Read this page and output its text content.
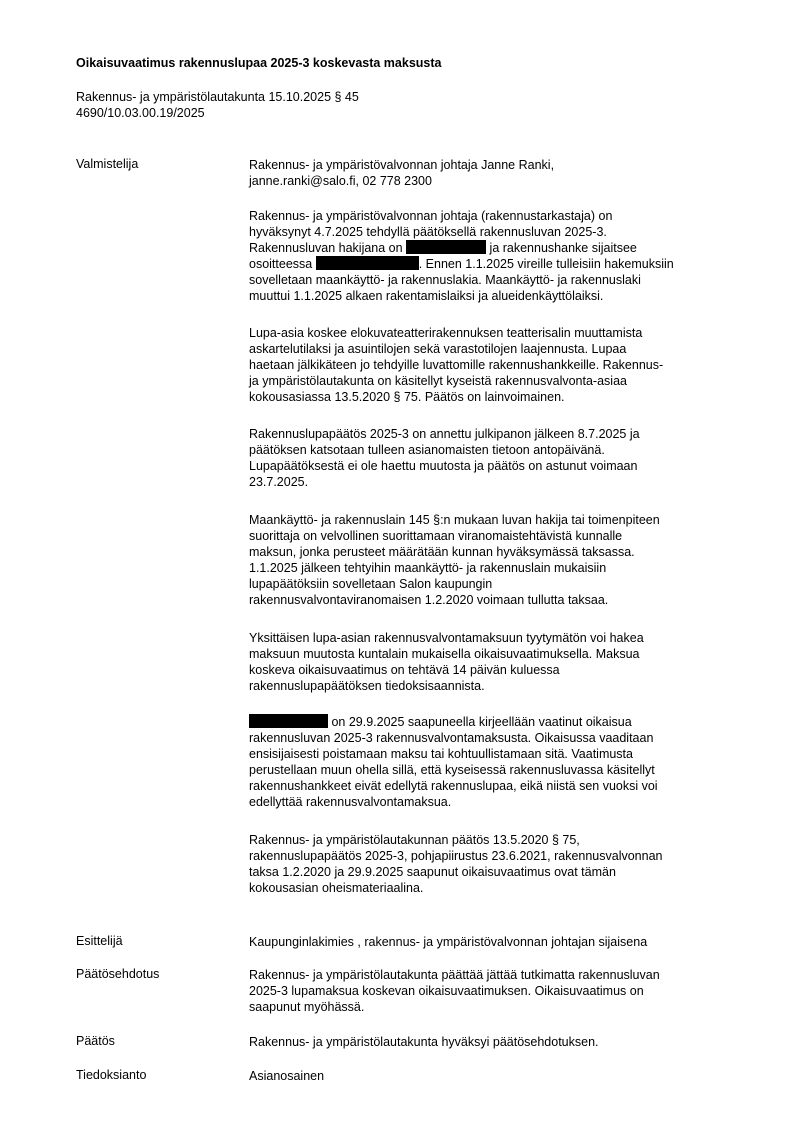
Oikaisuvaatimus rakennuslupaa 2025-3 koskevasta maksusta
Rakennus- ja ympäristölautakunta 15.10.2025 § 45
4690/10.03.00.19/2025
Valmistelija	Rakennus- ja ympäristövalvonnan johtaja Janne Ranki,
janne.ranki@salo.fi, 02 778 2300
Rakennus- ja ympäristövalvonnan johtaja (rakennustarkastaja) on
hyväksynyt 4.7.2025 tehdyllä päätöksellä rakennusluvan 2025-3.
Rakennusluvan hakijana on	ja rakennushanke sijaitsee
osoitteessa	. Ennen 1.1.2025 vireille tulleisiin hakemuksiin
sovelletaan maankäyttö- ja rakennuslakia. Maankäyttö- ja rakennuslaki
muuttui 1.1.2025 alkaen rakentamislaiksi ja alueidenkäyttölaiksi.
Lupa-asia koskee elokuvateatterirakennuksen teatterisalin muuttamista
askartelutilaksi ja asuintilojen sekä varastotilojen laajennusta. Lupaa
haetaan jälkikäteen jo tehdyille luvattomille rakennushankkeille. Rakennus-
ja ympäristölautakunta on käsitellyt kyseistä rakennusvalvonta-asiaa
kokousasiassa 13.5.2020 § 75. Päätös on lainvoimainen.
Rakennuslupapäätös 2025-3 on annettu julkipanon jälkeen 8.7.2025 ja
päätöksen katsotaan tulleen asianomaisten tietoon antopäivänä.
Lupapäätöksestä ei ole haettu muutosta ja päätös on astunut voimaan
23.7.2025.
Maankäyttö- ja rakennuslain 145 §:n mukaan luvan hakija tai toimenpiteen
suorittaja on velvollinen suorittamaan viranomaistehtävistä kunnalle
maksun, jonka perusteet määrätään kunnan hyväksymässä taksassa.
1.1.2025 jälkeen tehtyihin maankäyttö- ja rakennuslain mukaisiin
lupapäätöksiin sovelletaan Salon kaupungin
rakennusvalvontaviranomaisen 1.2.2020 voimaan tullutta taksaa.
Yksittäisen lupa-asian rakennusvalvontamaksuun tyytymätön voi hakea
maksuun muutosta kuntalain mukaisella oikaisuvaatimuksella. Maksua
koskeva oikaisuvaatimus on tehtävä 14 päivän kuluessa
rakennuslupapäätöksen tiedoksisaannista.
on 29.9.2025 saapuneella kirjeellään vaatinut oikaisua
rakennusluvan 2025-3 rakennusvalvontamaksusta. Oikaisussa vaaditaan
ensisijaisesti poistamaan maksu tai kohtuullistamaan sitä. Vaatimusta
perustellaan muun ohella sillä, että kyseisessä rakennusluvassa käsitellyt
rakennushankkeet eivät edellytä rakennuslupaa, eikä niistä sen vuoksi voi
edellyttää rakennusvalvontamaksua.
Rakennus- ja ympäristölautakunnan päätös 13.5.2020 § 75,
rakennuslupapäätös 2025-3, pohjapiirustus 23.6.2021, rakennusvalvonnan
taksa 1.2.2020 ja 29.9.2025 saapunut oikaisuvaatimus ovat tämän
kokousasian oheismateriaalina.
Esittelijä	Kaupunginlakimies , rakennus- ja ympäristövalvonnan johtajan sijaisena
Päätösehdotus	Rakennus- ja ympäristölautakunta päättää jättää tutkimatta rakennusluvan
2025-3 lupamaksua koskevan oikaisuvaatimuksen. Oikaisuvaatimus on
saapunut myöhässä.
Päätös	Rakennus- ja ympäristölautakunta hyväksyi päätösehdotuksen.
Tiedoksianto	Asianosainen
